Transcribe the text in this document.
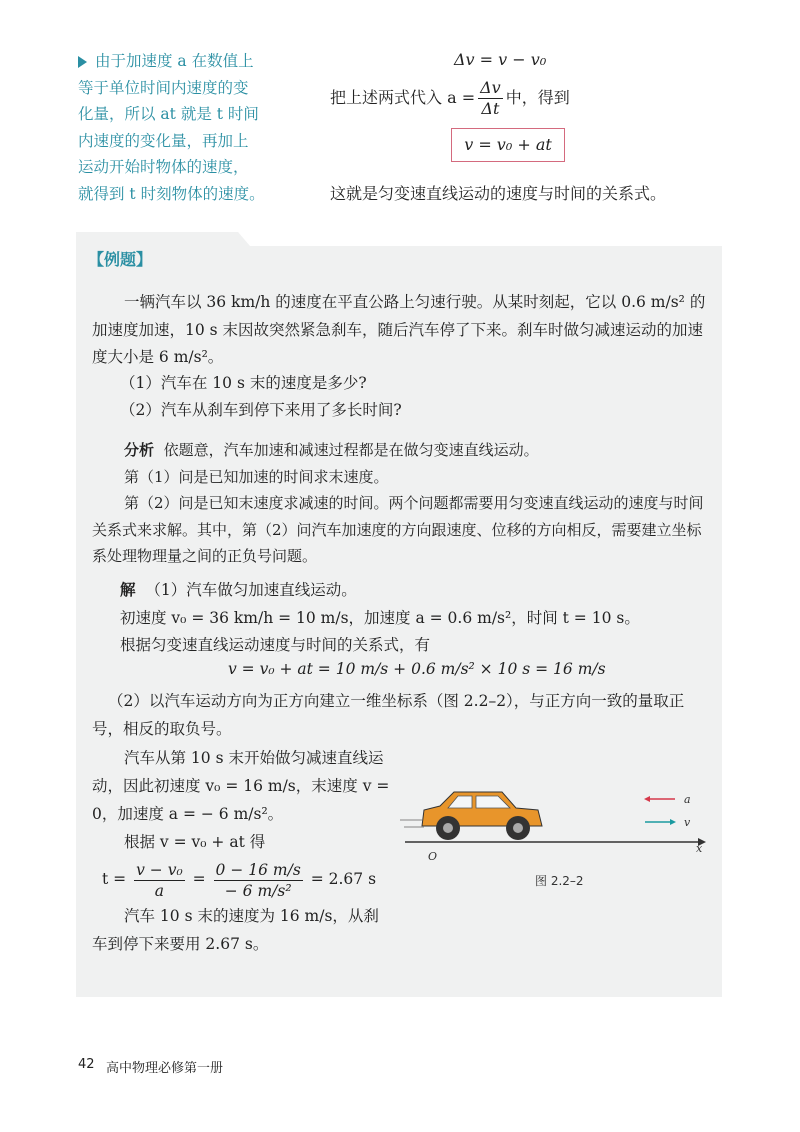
由于加速度 a 在数值上
等于单位时间内速度的变
化量，所以 at 就是 t 时间
内速度的变化量，再加上
运动开始时物体的速度，
就得到 t 时刻物体的速度。
Δv = v − v₀
把上述两式代入 $a = \frac{\Delta v}{\Delta t}$ 中，得到
v = v₀ + at
这就是匀变速直线运动的速度与时间的关系式。
【例题】
一辆汽车以 36 km/h 的速度在平直公路上匀速行驶。从某时刻起，它以 0.6 m/s² 的加速度加速，10 s 末因故突然紧急刹车，随后汽车停了下来。刹车时做匀减速运动的加速度大小是 6 m/s²。
（1）汽车在 10 s 末的速度是多少?
（2）汽车从刹车到停下来用了多长时间?
分析 依题意，汽车加速和减速过程都是在做匀变速直线运动。
第（1）问是已知加速的时间求末速度。
第（2）问是已知末速度求减速的时间。两个问题都需要用匀变速直线运动的速度与时间关系式来求解。其中，第（2）问汽车加速度的方向跟速度、位移的方向相反，需要建立坐标系处理物理量之间的正负号问题。
解 （1）汽车做匀加速直线运动。
初速度 v₀ = 36 km/h = 10 m/s，加速度 a = 0.6 m/s²，时间 t = 10 s。
根据匀变速直线运动速度与时间的关系式，有
v = v₀ + at = 10 m/s + 0.6 m/s² × 10 s = 16 m/s
（2）以汽车运动方向为正方向建立一维坐标系（图 2.2–2），与正方向一致的量取正号，相反的取负号。
汽车从第 10 s 末开始做匀减速直线运动，因此初速度 v₀ = 16 m/s，末速度 v = 0，加速度 a = − 6 m/s²。
根据 v = v₀ + at 得
$t = \frac{\text{v − v₀}}{a} = \frac{0 - 16 m/s}{\text{− 6 m/s²}} = 2.67$ s
汽车 10 s 末的速度为 16 m/s，从刹车到停下来要用 2.67 s。
x
O
a
v
图 2.2–2
42 高中物理必修第一册
